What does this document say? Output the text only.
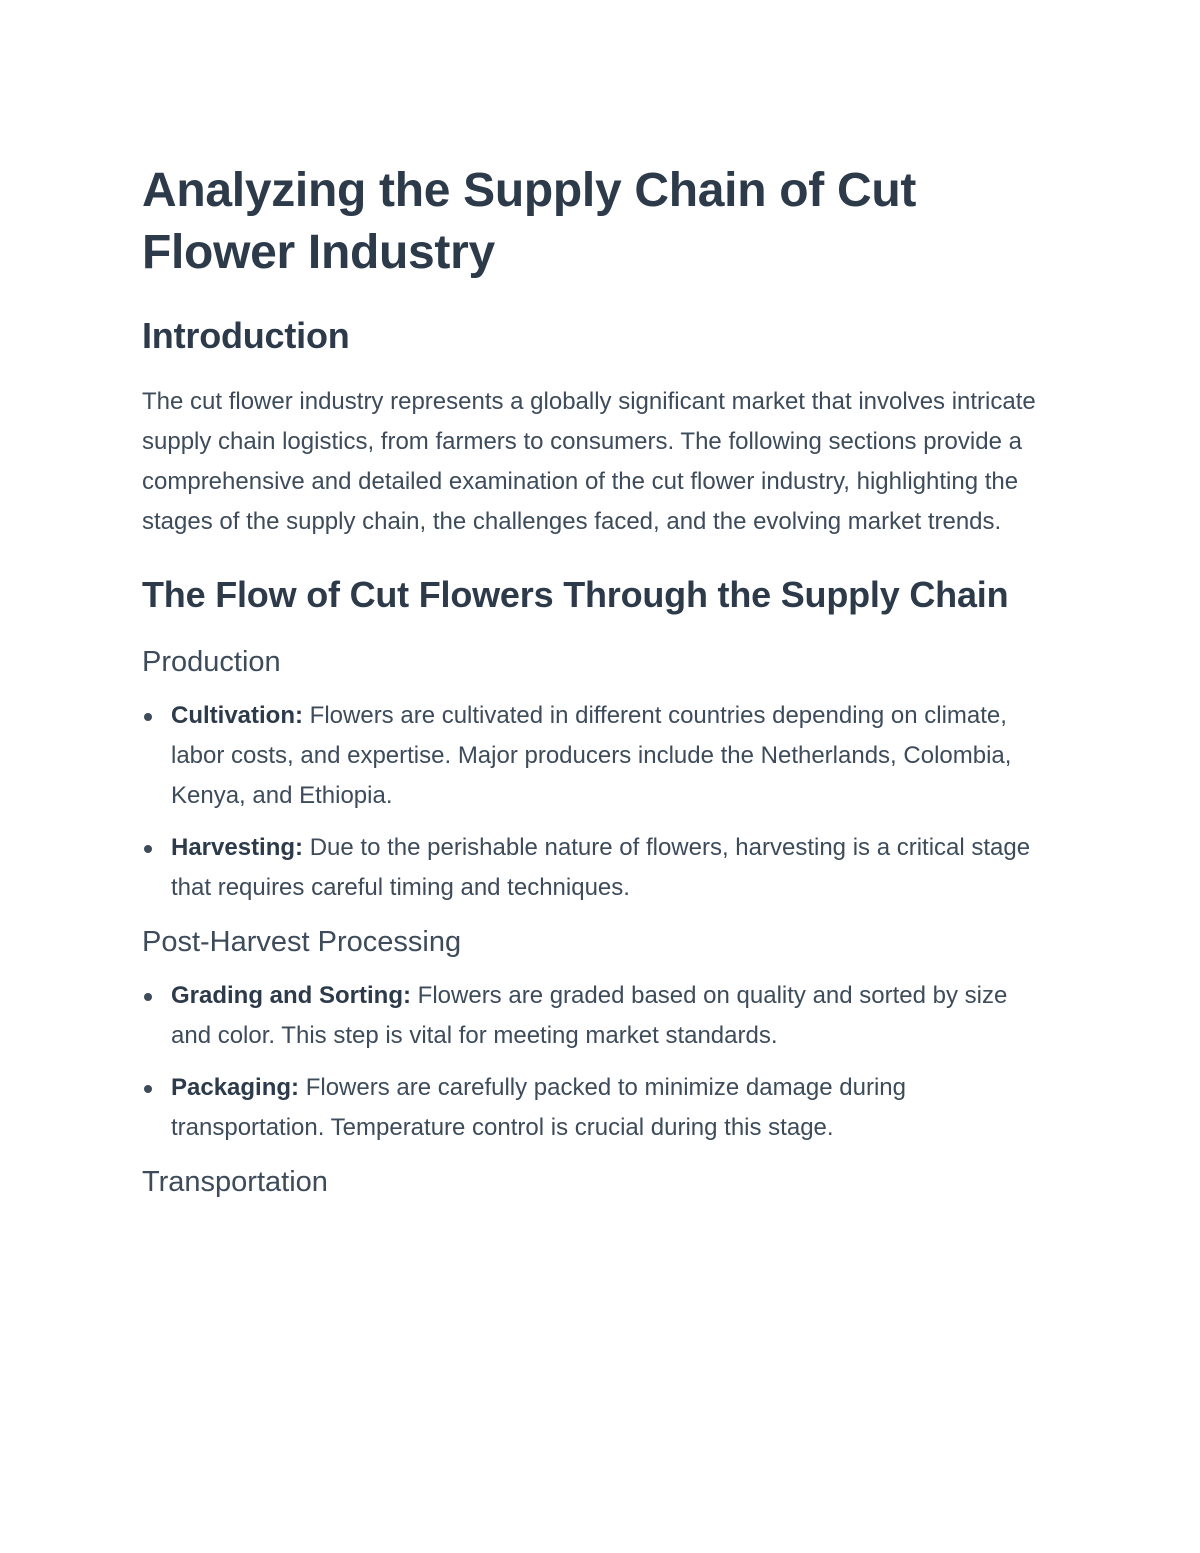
Analyzing the Supply Chain of Cut Flower Industry
Introduction

The cut flower industry represents a globally significant market that involves intricate supply chain logistics, from farmers to consumers. The following sections provide a comprehensive and detailed examination of the cut flower industry, highlighting the stages of the supply chain, the challenges faced, and the evolving market trends.

The Flow of Cut Flowers Through the Supply Chain
Production
Cultivation: Flowers are cultivated in different countries depending on climate, labor costs, and expertise. Major producers include the Netherlands, Colombia, Kenya, and Ethiopia.
Harvesting: Due to the perishable nature of flowers, harvesting is a critical stage that requires careful timing and techniques.
Post-Harvest Processing
Grading and Sorting: Flowers are graded based on quality and sorted by size and color. This step is vital for meeting market standards.
Packaging: Flowers are carefully packed to minimize damage during transportation. Temperature control is crucial during this stage.
Transportation
